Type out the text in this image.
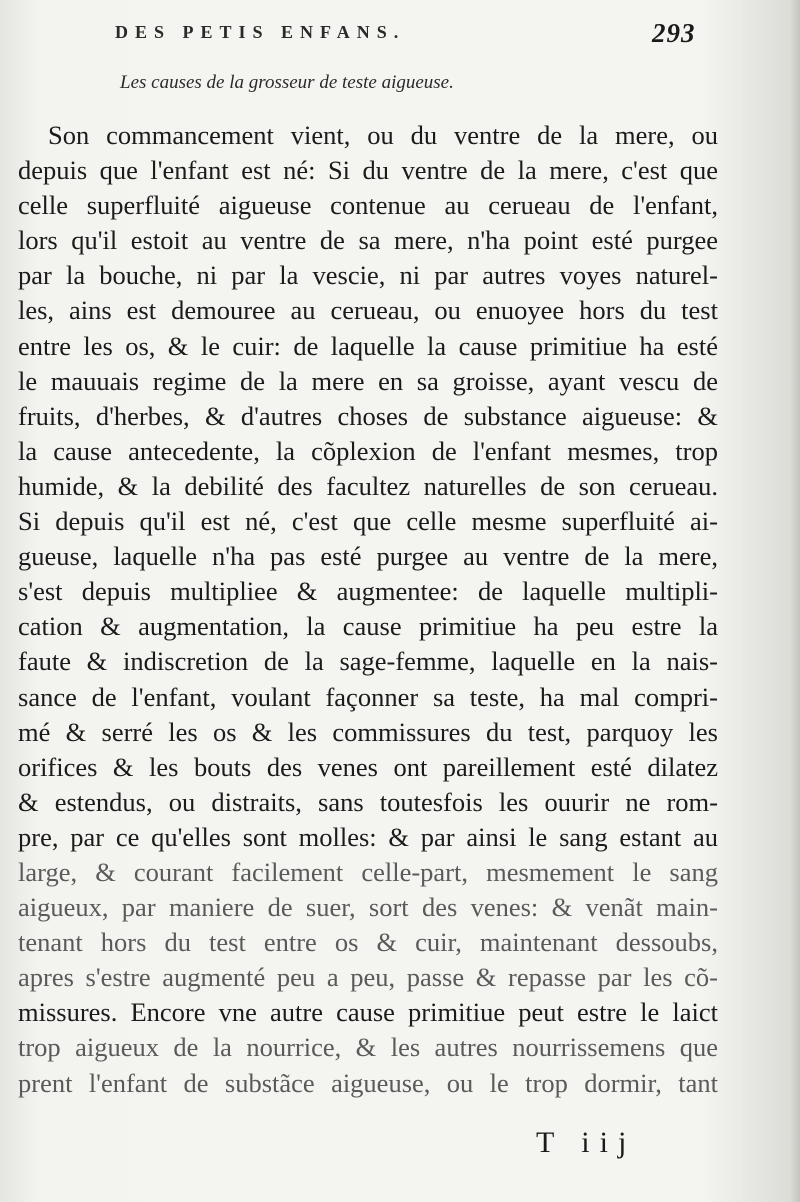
DES PETIS ENFANS.	293
Les causes de la grosseur de teste aigueuse.
Son commancement vient, ou du ventre de la mere, ou
depuis que l'enfant est né: Si du ventre de la mere, c'est que
celle superfluité aigueuse contenue au cerueau de l'enfant,
lors qu'il estoit au ventre de sa mere, n'ha point esté purgee
par la bouche, ni par la vescie, ni par autres voyes naturel-
les, ains est demouree au cerueau, ou enuoyee hors du test
entre les os, & le cuir: de laquelle la cause primitiue ha esté
le mauuais regime de la mere en sa groisse, ayant vescu de
fruits, d'herbes, & d'autres choses de substance aigueuse: &
la cause antecedente, la cõplexion de l'enfant mesmes, trop
humide, & la debilité des facultez naturelles de son cerueau.
Si depuis qu'il est né, c'est que celle mesme superfluité ai-
gueuse, laquelle n'ha pas esté purgee au ventre de la mere,
s'est depuis multipliee & augmentee: de laquelle multipli-
cation & augmentation, la cause primitiue ha peu estre la
faute & indiscretion de la sage-femme, laquelle en la nais-
sance de l'enfant, voulant façonner sa teste, ha mal compri-
mé & serré les os & les commissures du test, parquoy les
orifices & les bouts des venes ont pareillement esté dilatez
& estendus, ou distraits, sans toutesfois les ouurir ne rom-
pre, par ce qu'elles sont molles: & par ainsi le sang estant au
large, & courant facilement celle-part, mesmement le sang
aigueux, par maniere de suer, sort des venes: & venãt main-
tenant hors du test entre os & cuir, maintenant dessoubs,
apres s'estre augmenté peu a peu, passe & repasse par les cõ-
missures. Encore vne autre cause primitiue peut estre le laict
trop aigueux de la nourrice, & les autres nourrissemens que
prent l'enfant de substãce aigueuse, ou le trop dormir, tant
T iij
